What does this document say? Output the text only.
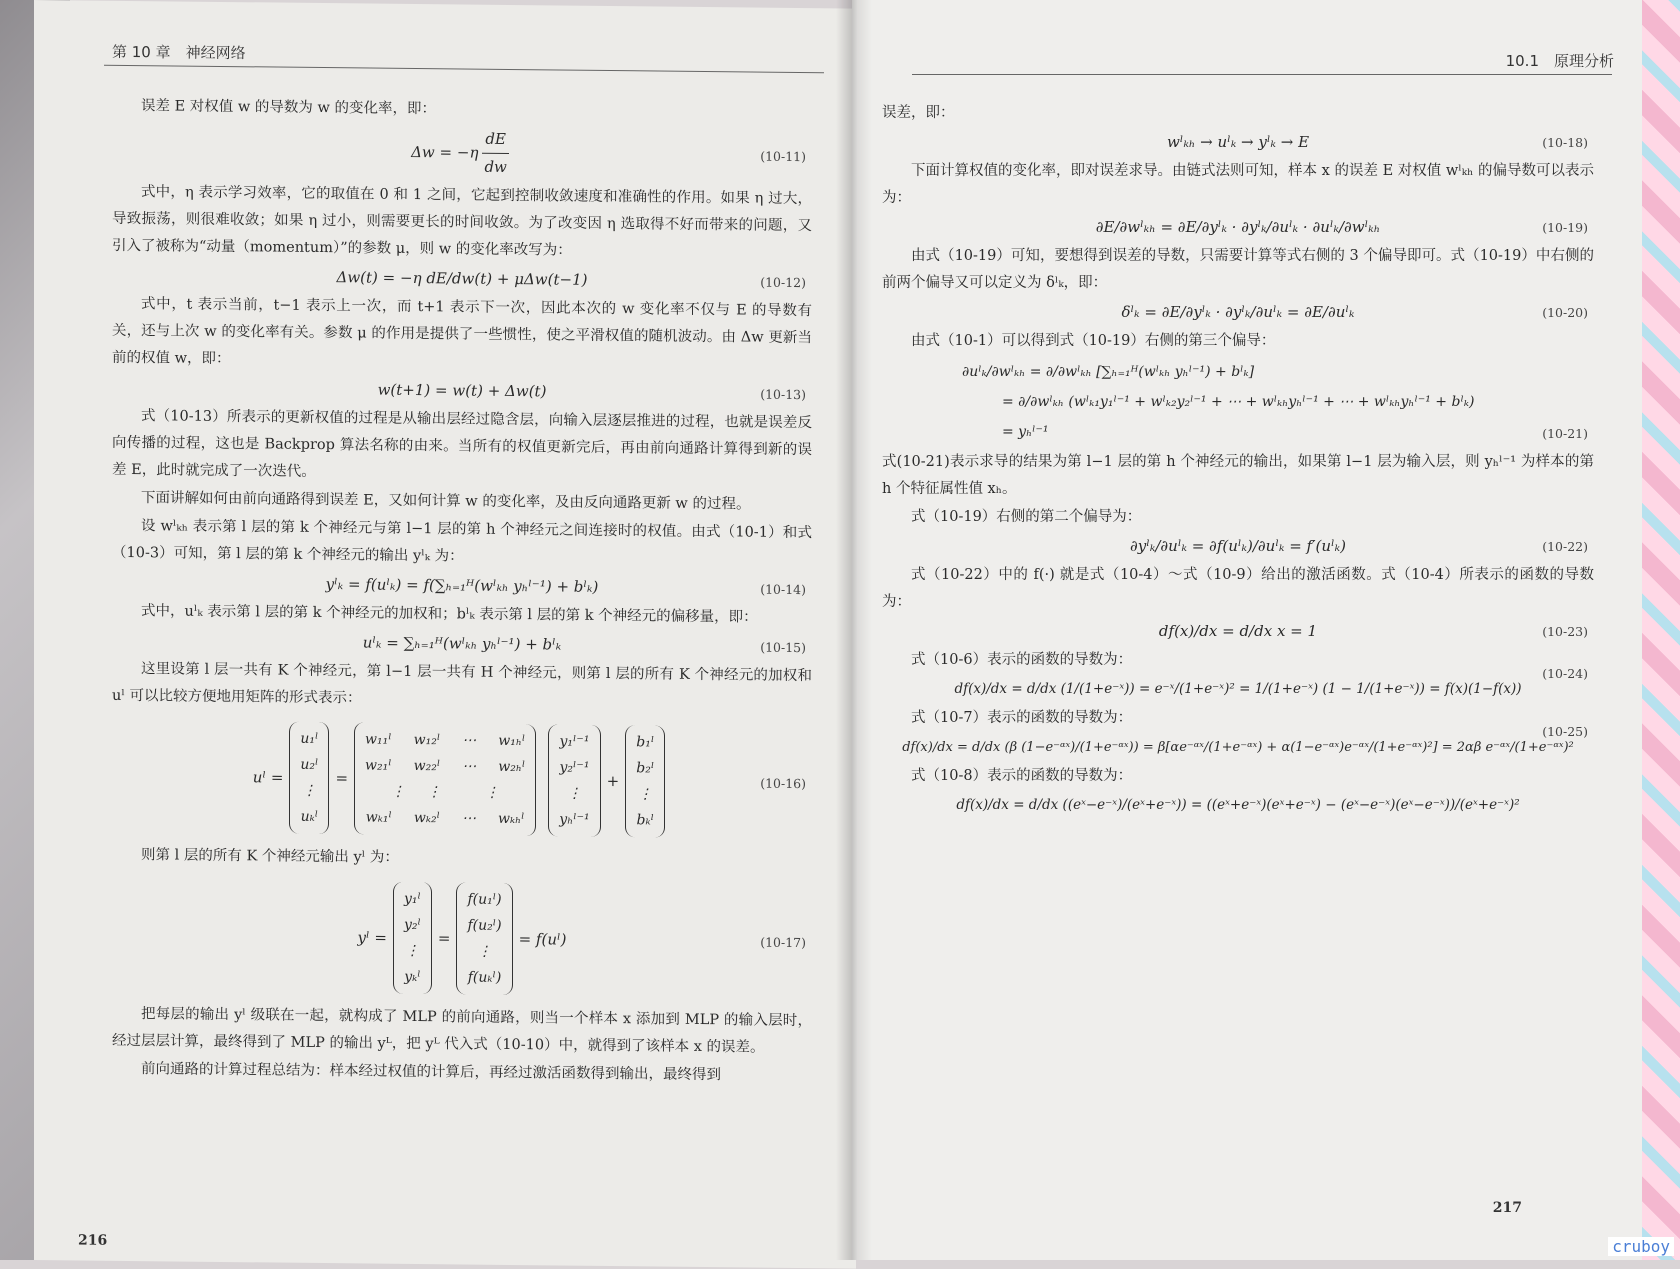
第 10 章　神经网络

误差 E 对权值 w 的导数为 w 的变化率，即：

Δw = −η
dE
dw
(10-11)

式中，η 表示学习效率，它的取值在 0 和 1 之间，它起到控制收敛速度和准确性的作用。如果 η 过大，导致振荡，则很难收敛；如果 η 过小，则需要更长的时间收敛。为了改变因 η 选取得不好而带来的问题，又引入了被称为“动量（momentum）”的参数 μ，则 w 的变化率改写为：

Δw(t) = −η dE/dw(t) + μΔw(t−1)	(10-12)

式中，t 表示当前，t−1 表示上一次，而 t+1 表示下一次，因此本次的 w 变化率不仅与 E 的导数有关，还与上次 w 的变化率有关。参数 μ 的作用是提供了一些惯性，使之平滑权值的随机波动。由 Δw 更新当前的权值 w，即：

w(t+1) = w(t) + Δw(t)	(10-13)

式（10-13）所表示的更新权值的过程是从输出层经过隐含层，向输入层逐层推进的过程，也就是误差反向传播的过程，这也是 Backprop 算法名称的由来。当所有的权值更新完后，再由前向通路计算得到新的误差 E，此时就完成了一次迭代。

下面讲解如何由前向通路得到误差 E，又如何计算 w 的变化率，及由反向通路更新 w 的过程。

设 wˡₖₕ 表示第 l 层的第 k 个神经元与第 l−1 层的第 h 个神经元之间连接时的权值。由式（10-1）和式（10-3）可知，第 l 层的第 k 个神经元的输出 yˡₖ 为：

yˡₖ = f(uˡₖ) = f(∑ₕ₌₁ᴴ(wˡₖₕ yₕˡ⁻¹) + bˡₖ)	(10-14)

式中，uˡₖ 表示第 l 层的第 k 个神经元的加权和；bˡₖ 表示第 l 层的第 k 个神经元的偏移量，即：

uˡₖ = ∑ₕ₌₁ᴴ(wˡₖₕ yₕˡ⁻¹) + bˡₖ	(10-15)

这里设第 l 层一共有 K 个神经元，第 l−1 层一共有 H 个神经元，则第 l 层的所有 K 个神经元的加权和 uˡ 可以比较方便地用矩阵的形式表示：

uˡ =
u₁ˡ
u₂ˡ
⋮
uₖˡ
=
w₁₁ˡ w₁₂ˡ ⋯ w₁ₕˡ
w₂₁ˡ w₂₂ˡ ⋯ w₂ₕˡ
⋮ ⋮	⋮
wₖ₁ˡ wₖ₂ˡ ⋯ wₖₕˡ
y₁ˡ⁻¹
y₂ˡ⁻¹
⋮
yₕˡ⁻¹
+
b₁ˡ
b₂ˡ
⋮
bₖˡ
(10-16)

则第 l 层的所有 K 个神经元输出 yˡ 为：

yˡ =
y₁ˡ
y₂ˡ
⋮
yₖˡ
=
f(u₁ˡ)
f(u₂ˡ)
⋮
f(uₖˡ)
= f(uˡ)	(10-17)

把每层的输出 yˡ 级联在一起，就构成了 MLP 的前向通路，则当一个样本 x 添加到 MLP 的输入层时，经过层层计算，最终得到了 MLP 的输出 yᴸ，把 yᴸ 代入式（10-10）中，就得到了该样本 x 的误差。

前向通路的计算过程总结为：样本经过权值的计算后，再经过激活函数得到输出，最终得到

216
10.1　原理分析

误差，即：

wˡₖₕ → uˡₖ → yˡₖ → E	(10-18)

下面计算权值的变化率，即对误差求导。由链式法则可知，样本 x 的误差 E 对权值 wˡₖₕ 的偏导数可以表示为：

∂E/∂wˡₖₕ = ∂E/∂yˡₖ · ∂yˡₖ/∂uˡₖ · ∂uˡₖ/∂wˡₖₕ	(10-19)

由式（10-19）可知，要想得到误差的导数，只需要计算等式右侧的 3 个偏导即可。式（10-19）中右侧的前两个偏导又可以定义为 δˡₖ，即：

δˡₖ = ∂E/∂yˡₖ · ∂yˡₖ/∂uˡₖ = ∂E/∂uˡₖ	(10-20)

由式（10-1）可以得到式（10-19）右侧的第三个偏导：

∂uˡₖ/∂wˡₖₕ = ∂/∂wˡₖₕ [∑ₕ₌₁ᴴ(wˡₖₕ yₕˡ⁻¹) + bˡₖ]
= ∂/∂wˡₖₕ (wˡₖ₁y₁ˡ⁻¹ + wˡₖ₂y₂ˡ⁻¹ + ⋯ + wˡₖₕyₕˡ⁻¹ + ⋯ + wˡₖₕyₕˡ⁻¹ + bˡₖ)
= yₕˡ⁻¹	(10-21)

式(10-21)表示求导的结果为第 l−1 层的第 h 个神经元的输出，如果第 l−1 层为输入层，则 yₕˡ⁻¹ 为样本的第 h 个特征属性值 xₕ。

式（10-19）右侧的第二个偏导为：

∂yˡₖ/∂uˡₖ = ∂f(uˡₖ)/∂uˡₖ = f′(uˡₖ)	(10-22)

式（10-22）中的 f(·) 就是式（10-4）～式（10-9）给出的激活函数。式（10-4）所表示的函数的导数为：

df(x)/dx = d/dx x = 1	(10-23)

式（10-6）表示的函数的导数为：

df(x)/dx = d/dx (1/(1+e⁻ˣ)) = e⁻ˣ/(1+e⁻ˣ)² = 1/(1+e⁻ˣ) (1 − 1/(1+e⁻ˣ)) = f(x)(1−f(x))
(10-24)

式（10-7）表示的函数的导数为：

df(x)/dx = d/dx (β (1−e⁻ᵅˣ)/(1+e⁻ᵅˣ)) = β[αe⁻ᵅˣ/(1+e⁻ᵅˣ) + α(1−e⁻ᵅˣ)e⁻ᵅˣ/(1+e⁻ᵅˣ)²] = 2αβ e⁻ᵅˣ/(1+e⁻ᵅˣ)²
(10-25)

式（10-8）表示的函数的导数为：

df(x)/dx = d/dx ((eˣ−e⁻ˣ)/(eˣ+e⁻ˣ)) = ((eˣ+e⁻ˣ)(eˣ+e⁻ˣ) − (eˣ−e⁻ˣ)(eˣ−e⁻ˣ))/(eˣ+e⁻ˣ)²
217
cruboy
